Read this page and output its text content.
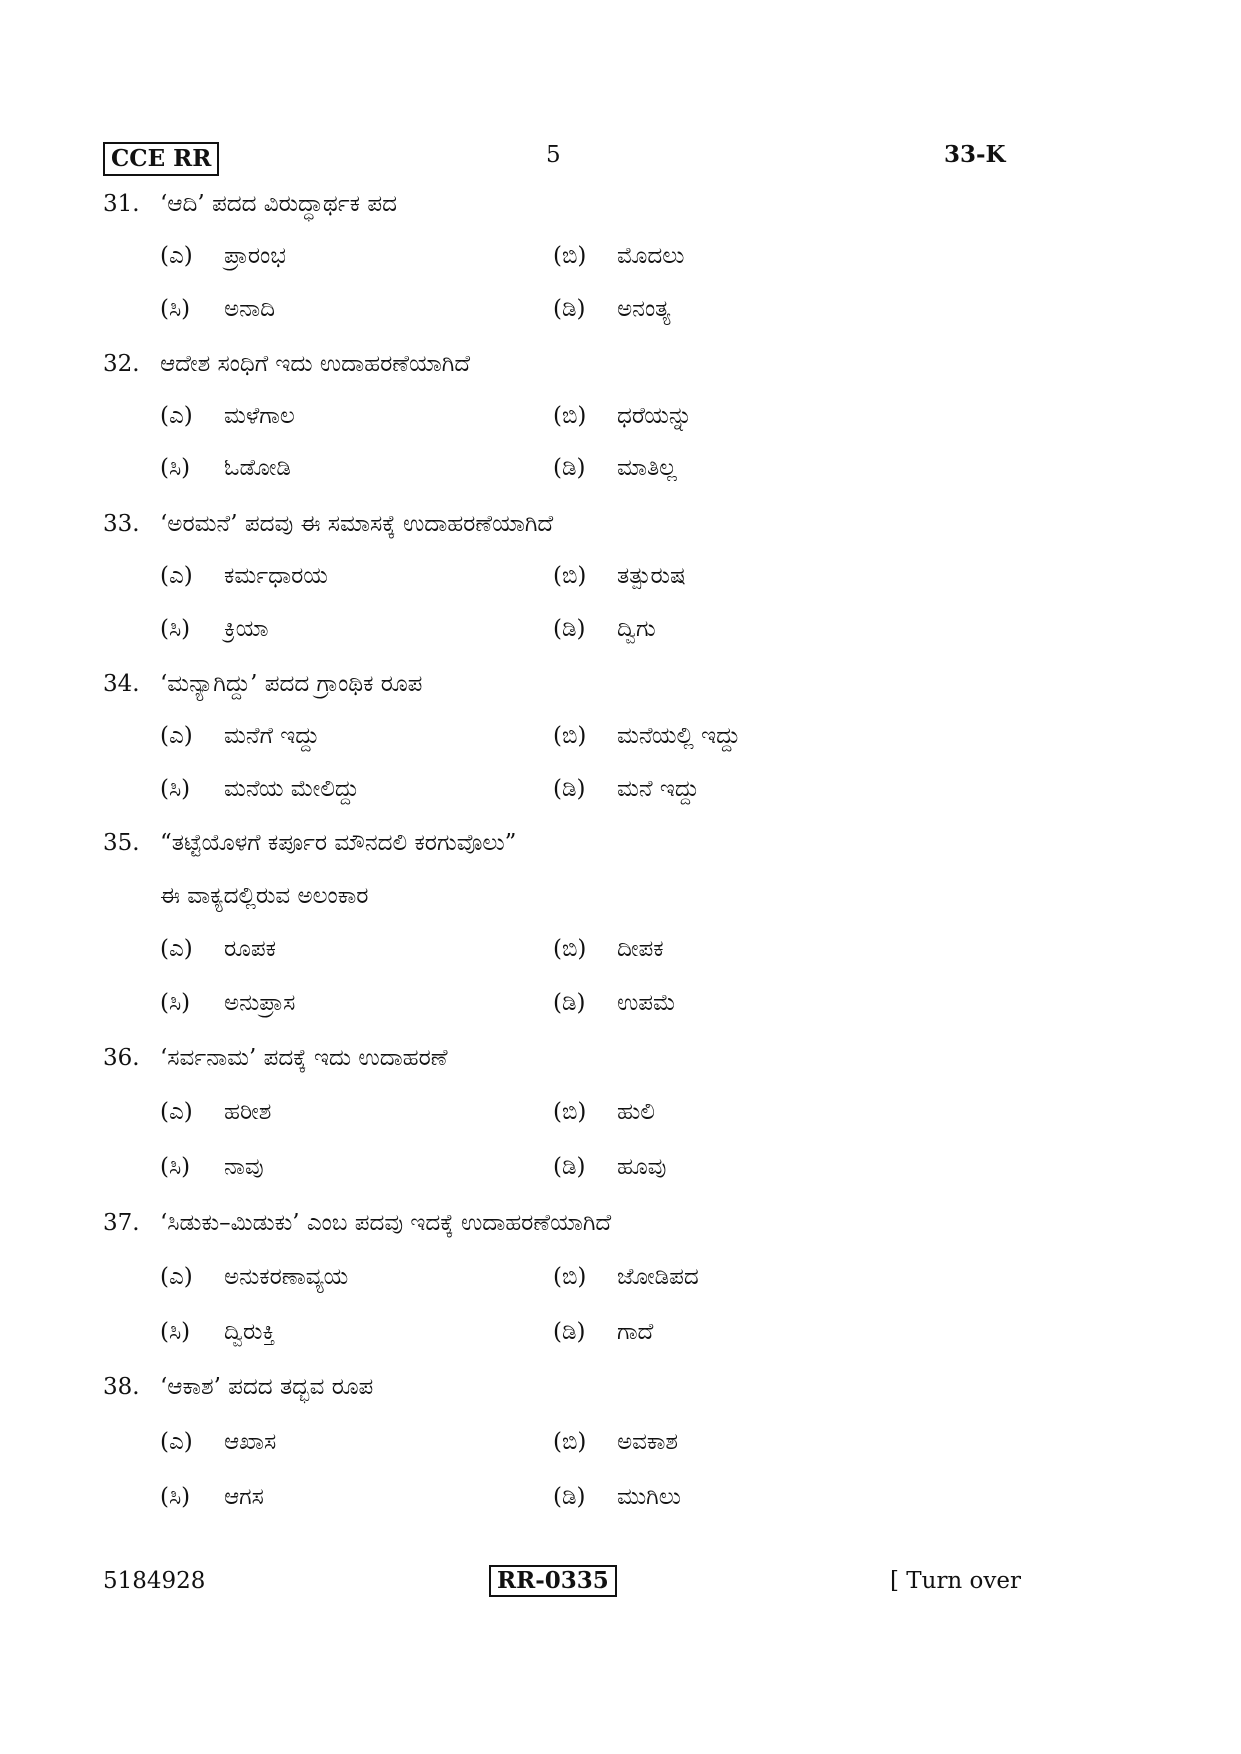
CCE RR	5	33-K
31. ‘ಆದಿ’ ಪದದ ವಿರುದ್ಧಾರ್ಥಕ ಪದ
(ಎ) ಪ್ರಾರಂಭ	(ಬಿ) ಮೊದಲು
(ಸಿ) ಅನಾದಿ	(ಡಿ) ಅನಂತ್ಯ
32. ಆದೇಶ ಸಂಧಿಗೆ ಇದು ಉದಾಹರಣೆಯಾಗಿದೆ
(ಎ) ಮಳೆಗಾಲ	(ಬಿ) ಧರೆಯನ್ನು
(ಸಿ) ಓಡೋಡಿ	(ಡಿ) ಮಾತಿಲ್ಲ
33. ‘ಅರಮನೆ’ ಪದವು ಈ ಸಮಾಸಕ್ಕೆ ಉದಾಹರಣೆಯಾಗಿದೆ
(ಎ) ಕರ್ಮಧಾರಯ	(ಬಿ) ತತ್ಪುರುಷ
(ಸಿ) ಕ್ರಿಯಾ	(ಡಿ) ದ್ವಿಗು
34. ‘ಮನ್ಯಾಗಿದ್ದು’ ಪದದ ಗ್ರಾಂಥಿಕ ರೂಪ
(ಎ) ಮನೆಗೆ ಇದ್ದು	(ಬಿ) ಮನೆಯಲ್ಲಿ ಇದ್ದು
(ಸಿ) ಮನೆಯ ಮೇಲಿದ್ದು	(ಡಿ) ಮನೆ ಇದ್ದು
35. “ತಟ್ಟೆಯೊಳಗೆ ಕರ್ಪೂರ ಮೌನದಲಿ ಕರಗುವೊಲು”
ಈ ವಾಕ್ಯದಲ್ಲಿರುವ ಅಲಂಕಾರ
(ಎ) ರೂಪಕ	(ಬಿ) ದೀಪಕ
(ಸಿ) ಅನುಪ್ರಾಸ	(ಡಿ) ಉಪಮೆ
36. ‘ಸರ್ವನಾಮ’ ಪದಕ್ಕೆ ಇದು ಉದಾಹರಣೆ
(ಎ) ಹರೀಶ	(ಬಿ) ಹುಲಿ
(ಸಿ) ನಾವು	(ಡಿ) ಹೂವು
37. ‘ಸಿಡುಕು–ಮಿಡುಕು’ ಎಂಬ ಪದವು ಇದಕ್ಕೆ ಉದಾಹರಣೆಯಾಗಿದೆ
(ಎ) ಅನುಕರಣಾವ್ಯಯ	(ಬಿ) ಜೋಡಿಪದ
(ಸಿ) ದ್ವಿರುಕ್ತಿ	(ಡಿ) ಗಾದೆ
38. ‘ಆಕಾಶ’ ಪದದ ತದ್ಭವ ರೂಪ
(ಎ) ಆಖಾಸ	(ಬಿ) ಅವಕಾಶ
(ಸಿ) ಆಗಸ	(ಡಿ) ಮುಗಿಲು
5184928	RR-0335	[ Turn over
